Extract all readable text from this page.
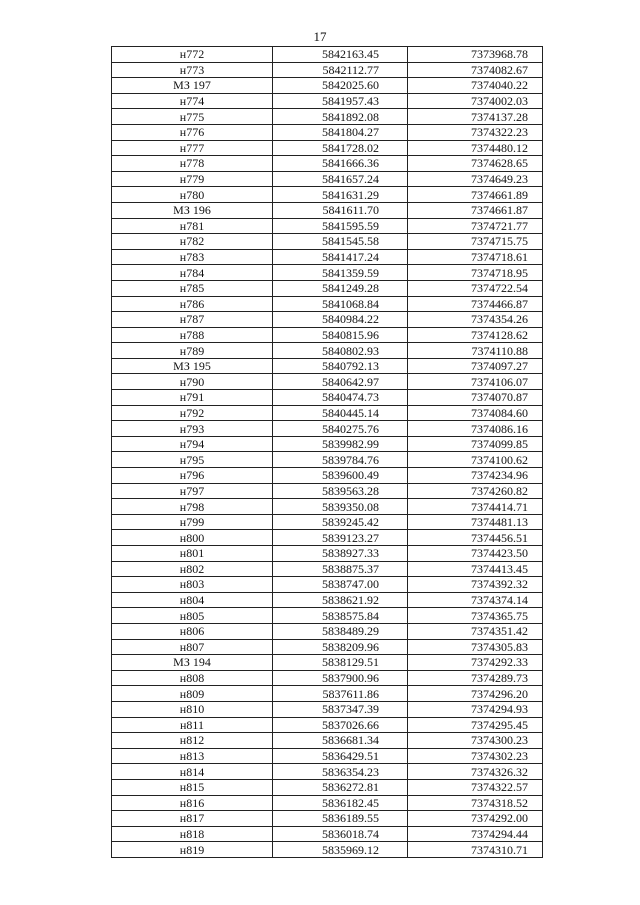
17
н772	5842163.45	7373968.78
н773	5842112.77	7374082.67
МЗ 197	5842025.60	7374040.22
н774	5841957.43	7374002.03
н775	5841892.08	7374137.28
н776	5841804.27	7374322.23
н777	5841728.02	7374480.12
н778	5841666.36	7374628.65
н779	5841657.24	7374649.23
н780	5841631.29	7374661.89
МЗ 196	5841611.70	7374661.87
н781	5841595.59	7374721.77
н782	5841545.58	7374715.75
н783	5841417.24	7374718.61
н784	5841359.59	7374718.95
н785	5841249.28	7374722.54
н786	5841068.84	7374466.87
н787	5840984.22	7374354.26
н788	5840815.96	7374128.62
н789	5840802.93	7374110.88
МЗ 195	5840792.13	7374097.27
н790	5840642.97	7374106.07
н791	5840474.73	7374070.87
н792	5840445.14	7374084.60
н793	5840275.76	7374086.16
н794	5839982.99	7374099.85
н795	5839784.76	7374100.62
н796	5839600.49	7374234.96
н797	5839563.28	7374260.82
н798	5839350.08	7374414.71
н799	5839245.42	7374481.13
н800	5839123.27	7374456.51
н801	5838927.33	7374423.50
н802	5838875.37	7374413.45
н803	5838747.00	7374392.32
н804	5838621.92	7374374.14
н805	5838575.84	7374365.75
н806	5838489.29	7374351.42
н807	5838209.96	7374305.83
МЗ 194	5838129.51	7374292.33
н808	5837900.96	7374289.73
н809	5837611.86	7374296.20
н810	5837347.39	7374294.93
н811	5837026.66	7374295.45
н812	5836681.34	7374300.23
н813	5836429.51	7374302.23
н814	5836354.23	7374326.32
н815	5836272.81	7374322.57
н816	5836182.45	7374318.52
н817	5836189.55	7374292.00
н818	5836018.74	7374294.44
н819	5835969.12	7374310.71
